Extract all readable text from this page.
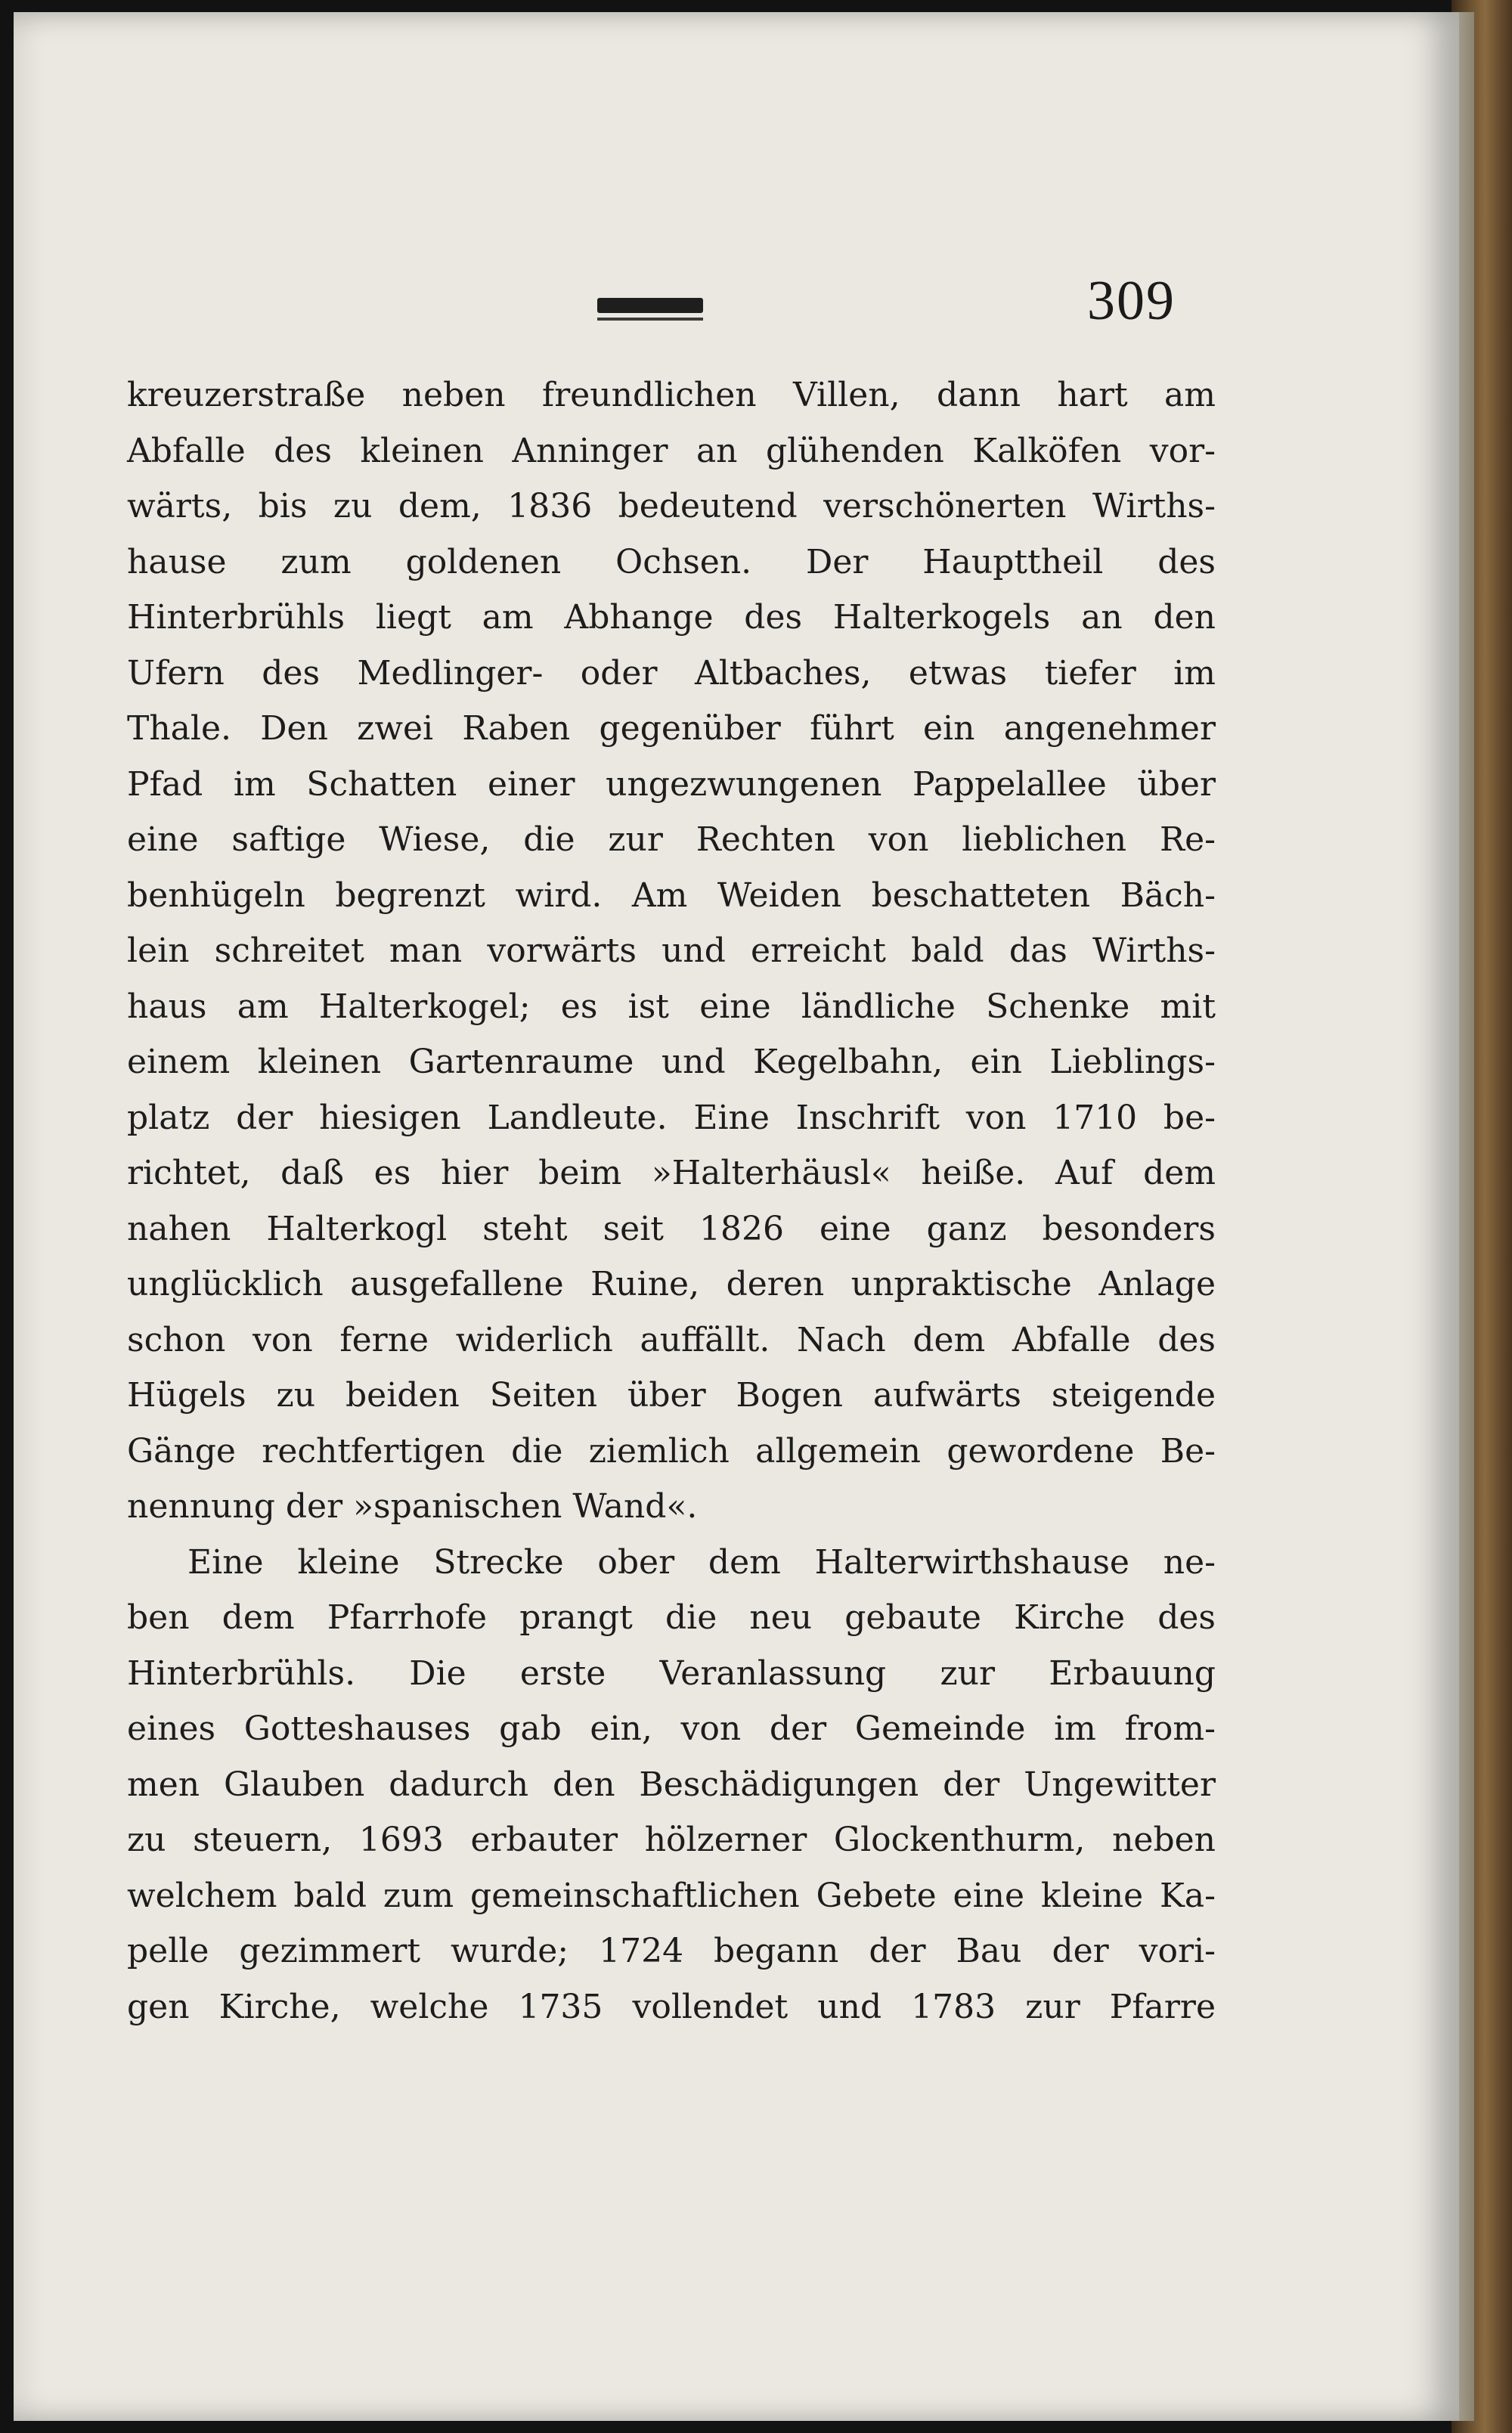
309
kreuzerstraße neben freundlichen Villen, dann hart am
Abfalle des kleinen Anninger an glühenden Kalköfen vor-
wärts, bis zu dem, 1836 bedeutend verschönerten Wirths-
hause zum goldenen Ochsen. Der Haupttheil des
Hinterbrühls liegt am Abhange des Halterkogels an den
Ufern des Medlinger- oder Altbaches, etwas tiefer im
Thale. Den zwei Raben gegenüber führt ein angenehmer
Pfad im Schatten einer ungezwungenen Pappelallee über
eine saftige Wiese, die zur Rechten von lieblichen Re-
benhügeln begrenzt wird. Am Weiden beschatteten Bäch-
lein schreitet man vorwärts und erreicht bald das Wirths-
haus am Halterkogel; es ist eine ländliche Schenke mit
einem kleinen Gartenraume und Kegelbahn, ein Lieblings-
platz der hiesigen Landleute. Eine Inschrift von 1710 be-
richtet, daß es hier beim »Halterhäusl« heiße. Auf dem
nahen Halterkogl steht seit 1826 eine ganz besonders
unglücklich ausgefallene Ruine, deren unpraktische Anlage
schon von ferne widerlich auffällt. Nach dem Abfalle des
Hügels zu beiden Seiten über Bogen aufwärts steigende
Gänge rechtfertigen die ziemlich allgemein gewordene Be-
nennung der »spanischen Wand«.
Eine kleine Strecke ober dem Halterwirthshause ne-
ben dem Pfarrhofe prangt die neu gebaute Kirche des
Hinterbrühls. Die erste Veranlassung zur Erbauung
eines Gotteshauses gab ein, von der Gemeinde im from-
men Glauben dadurch den Beschädigungen der Ungewitter
zu steuern, 1693 erbauter hölzerner Glockenthurm, neben
welchem bald zum gemeinschaftlichen Gebete eine kleine Ka-
pelle gezimmert wurde; 1724 begann der Bau der vori-
gen Kirche, welche 1735 vollendet und 1783 zur Pfarre
